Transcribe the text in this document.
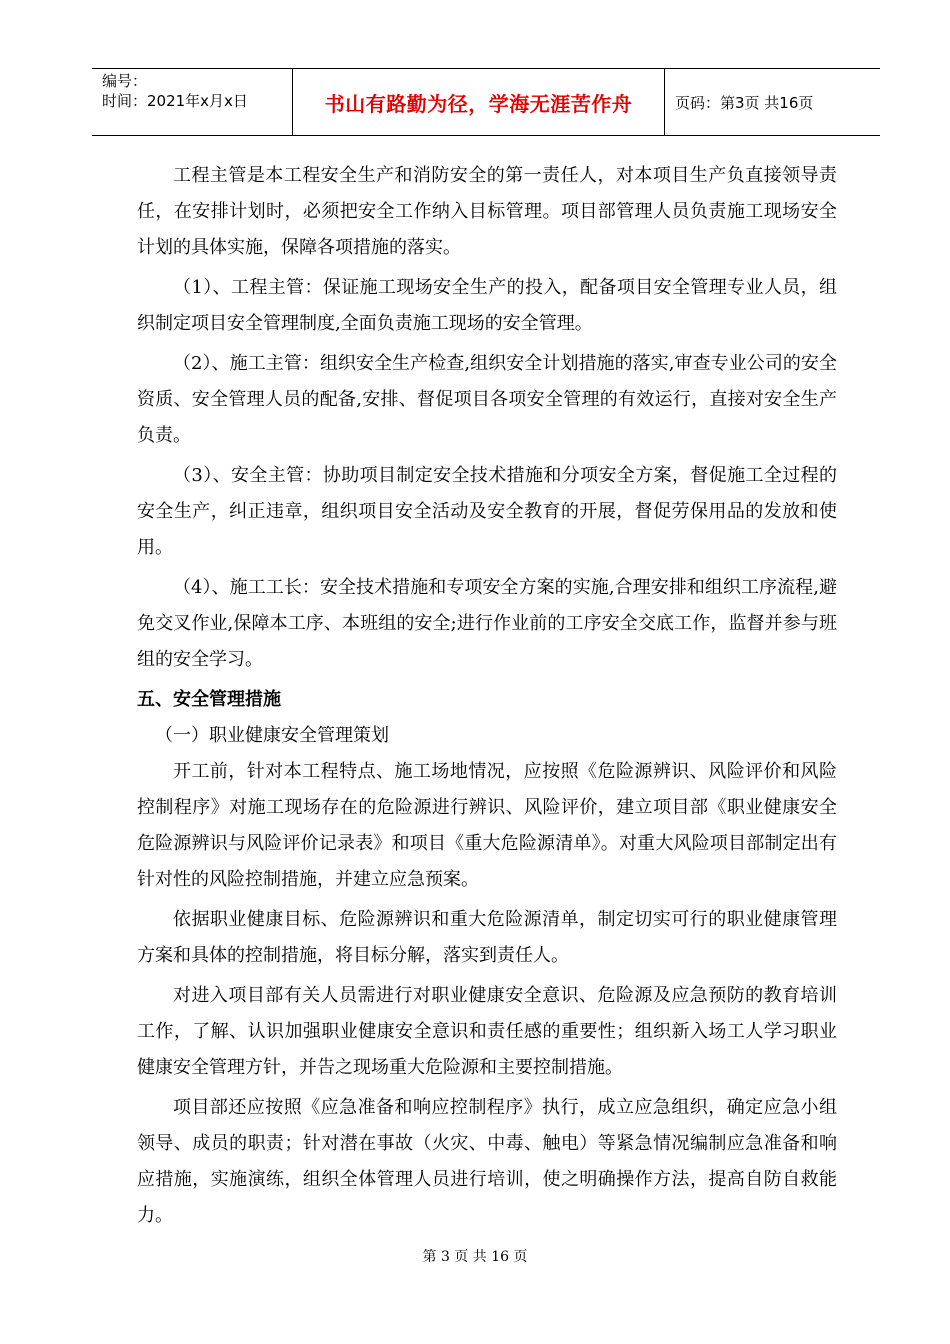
编号：
时间：2021年x月x日	书山有路勤为径，学海无涯苦作舟	页码：第3页 共16页

工程主管是本工程安全生产和消防安全的第一责任人，对本项目生产负直接领导责任，在安排计划时，必须把安全工作纳入目标管理。项目部管理人员负责施工现场安全计划的具体实施，保障各项措施的落实。

（1）、工程主管：保证施工现场安全生产的投入，配备项目安全管理专业人员，组织制定项目安全管理制度,全面负责施工现场的安全管理。

（2）、施工主管：组织安全生产检查,组织安全计划措施的落实,审查专业公司的安全资质、安全管理人员的配备,安排、督促项目各项安全管理的有效运行，直接对安全生产负责。

（3）、安全主管：协助项目制定安全技术措施和分项安全方案，督促施工全过程的安全生产，纠正违章，组织项目安全活动及安全教育的开展，督促劳保用品的发放和使用。

（4）、施工工长：安全技术措施和专项安全方案的实施,合理安排和组织工序流程,避免交叉作业,保障本工序、本班组的安全;进行作业前的工序安全交底工作，监督并参与班组的安全学习。

五、安全管理措施

（一）职业健康安全管理策划

开工前，针对本工程特点、施工场地情况，应按照《危险源辨识、风险评价和风险控制程序》对施工现场存在的危险源进行辨识、风险评价，建立项目部《职业健康安全危险源辨识与风险评价记录表》和项目《重大危险源清单》。对重大风险项目部制定出有针对性的风险控制措施，并建立应急预案。

依据职业健康目标、危险源辨识和重大危险源清单，制定切实可行的职业健康管理方案和具体的控制措施，将目标分解，落实到责任人。

对进入项目部有关人员需进行对职业健康安全意识、危险源及应急预防的教育培训工作，了解、认识加强职业健康安全意识和责任感的重要性；组织新入场工人学习职业健康安全管理方针，并告之现场重大危险源和主要控制措施。

项目部还应按照《应急准备和响应控制程序》执行，成立应急组织，确定应急小组领导、成员的职责；针对潜在事故（火灾、中毒、触电）等紧急情况编制应急准备和响应措施，实施演练，组织全体管理人员进行培训，使之明确操作方法，提高自防自救能力。

第 3 页 共 16 页
